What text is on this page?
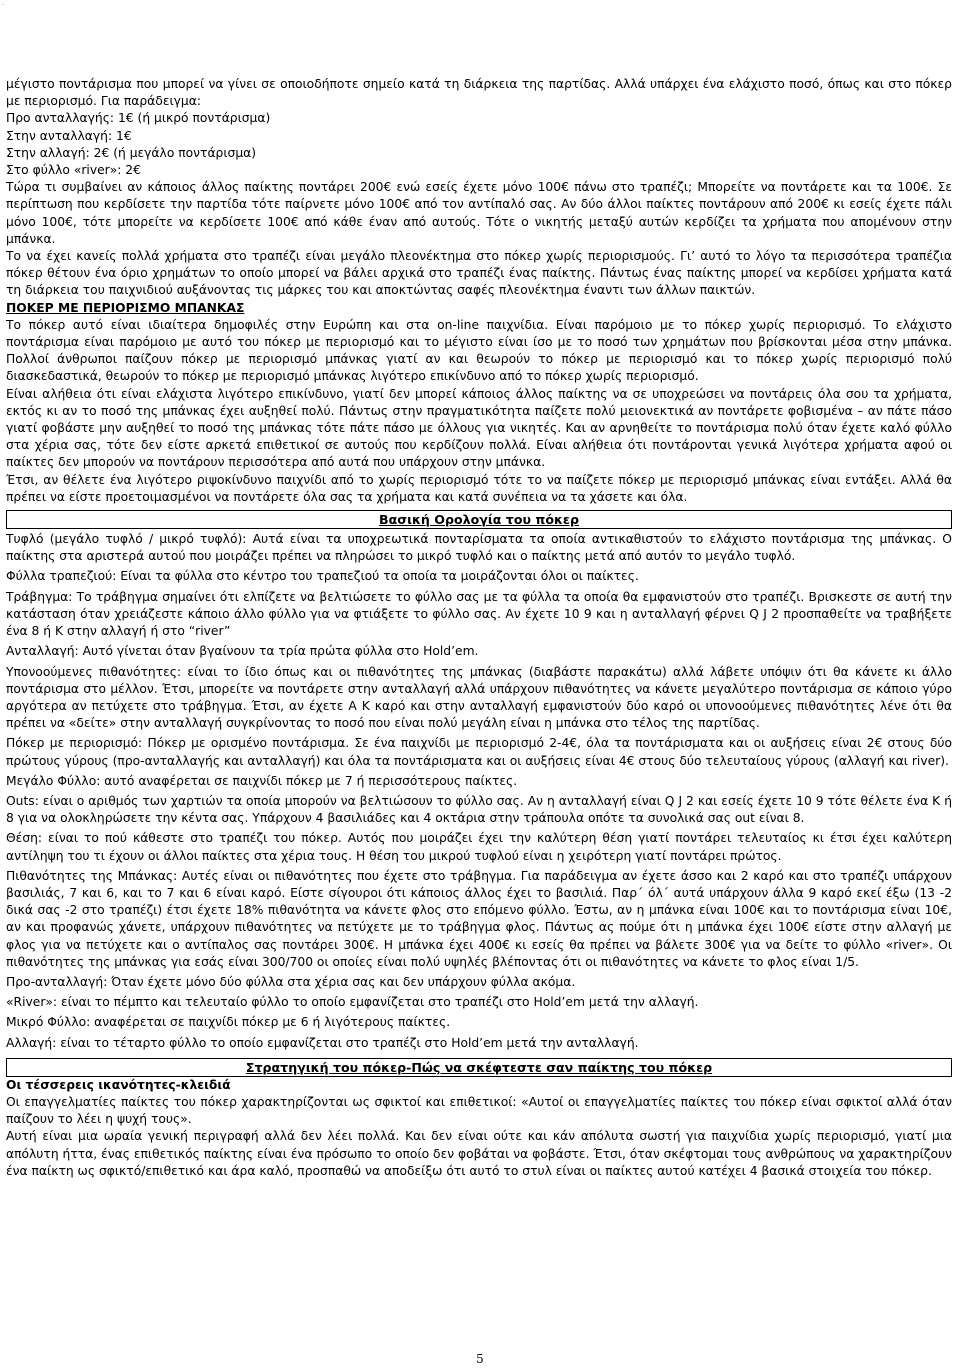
.

μέγιστο ποντάρισμα που μπορεί να γίνει σε οποιοδήποτε σημείο κατά τη διάρκεια της παρτίδας. Αλλά υπάρχει ένα ελάχιστο ποσό, όπως και στο πόκερ με περιορισμό. Για παράδειγμα:

Προ ανταλλαγής: 1€ (ή μικρό ποντάρισμα)

Στην ανταλλαγή: 1€

Στην αλλαγή: 2€ (ή μεγάλο ποντάρισμα)

Στο φύλλο «river»: 2€

Τώρα τι συμβαίνει αν κάποιος άλλος παίκτης ποντάρει 200€ ενώ εσείς έχετε μόνο 100€ πάνω στο τραπέζι; Μπορείτε να ποντάρετε και τα 100€. Σε περίπτωση που κερδίσετε την παρτίδα τότε παίρνετε μόνο 100€ από τον αντίπαλό σας. Αν δύο άλλοι παίκτες ποντάρουν από 200€ κι εσείς έχετε πάλι μόνο 100€, τότε μπορείτε να κερδίσετε 100€ από κάθε έναν από αυτούς. Τότε ο νικητής μεταξύ αυτών κερδίζει τα χρήματα που απομένουν στην μπάνκα.

Το να έχει κανείς πολλά χρήματα στο τραπέζι είναι μεγάλο πλεονέκτημα στο πόκερ χωρίς περιορισμούς. Γι’ αυτό το λόγο τα περισσότερα τραπέζια πόκερ θέτουν ένα όριο χρημάτων το οποίο μπορεί να βάλει αρχικά στο τραπέζι ένας παίκτης. Πάντως ένας παίκτης μπορεί να κερδίσει χρήματα κατά τη διάρκεια του παιχνιδιού αυξάνοντας τις μάρκες του και αποκτώντας σαφές πλεονέκτημα έναντι των άλλων παικτών.

ΠΟΚΕΡ ΜΕ ΠΕΡΙΟΡΙΣΜΟ ΜΠΑΝΚΑΣ

Το πόκερ αυτό είναι ιδιαίτερα δημοφιλές στην Ευρώπη και στα on-line παιχνίδια. Είναι παρόμοιο με το πόκερ χωρίς περιορισμό. Το ελάχιστο ποντάρισμα είναι παρόμοιο με αυτό του πόκερ με περιορισμό και το μέγιστο είναι ίσο με το ποσό των χρημάτων που βρίσκονται μέσα στην μπάνκα. Πολλοί άνθρωποι παίζουν πόκερ με περιορισμό μπάνκας γιατί αν και θεωρούν το πόκερ με περιορισμό και το πόκερ χωρίς περιορισμό πολύ διασκεδαστικά, θεωρούν το πόκερ με περιορισμό μπάνκας λιγότερο επικίνδυνο από το πόκερ χωρίς περιορισμό.

Είναι αλήθεια ότι είναι ελάχιστα λιγότερο επικίνδυνο, γιατί δεν μπορεί κάποιος άλλος παίκτης να σε υποχρεώσει να ποντάρεις όλα σου τα χρήματα, εκτός κι αν το ποσό της μπάνκας έχει αυξηθεί πολύ. Πάντως στην πραγματικότητα παίζετε πολύ μειονεκτικά αν ποντάρετε φοβισμένα – αν πάτε πάσο γιατί φοβάστε μην αυξηθεί το ποσό της μπάνκας τότε πάτε πάσο με όλλους για νικητές. Και αν αρνηθείτε το ποντάρισμα πολύ όταν έχετε καλό φύλλο στα χέρια σας, τότε δεν είστε αρκετά επιθετικοί σε αυτούς που κερδίζουν πολλά. Είναι αλήθεια ότι ποντάρονται γενικά λιγότερα χρήματα αφού οι παίκτες δεν μπορούν να ποντάρουν περισσότερα από αυτά που υπάρχουν στην μπάνκα.

Έτσι, αν θέλετε ένα λιγότερο ριψοκίνδυνο παιχνίδι από το χωρίς περιορισμό τότε το να παίζετε πόκερ με περιορισμό μπάνκας είναι εντάξει. Αλλά θα πρέπει να είστε προετοιμασμένοι να ποντάρετε όλα σας τα χρήματα και κατά συνέπεια να τα χάσετε και όλα.

Βασική Ορολογία του πόκερ

Τυφλό (μεγάλο τυφλό / μικρό τυφλό): Αυτά είναι τα υποχρεωτικά πονταρίσματα τα οποία αντικαθιστούν το ελάχιστο ποντάρισμα της μπάνκας. Ο παίκτης στα αριστερά αυτού που μοιράζει πρέπει να πληρώσει το μικρό τυφλό και ο παίκτης μετά από αυτόν το μεγάλο τυφλό.

Φύλλα τραπεζιού: Είναι τα φύλλα στο κέντρο του τραπεζιού τα οποία τα μοιράζονται όλοι οι παίκτες.

Τράβηγμα: Το τράβηγμα σημαίνει ότι ελπίζετε να βελτιώσετε το φύλλο σας με τα φύλλα τα οποία θα εμφανιστούν στο τραπέζι. Βρισκεστε σε αυτή την κατάσταση όταν χρειάζεστε κάποιο άλλο φύλλο για να φτιάξετε το φύλλο σας. Αν έχετε 10 9 και η ανταλλαγή φέρνει Q J 2 προσπαθείτε να τραβήξετε ένα 8 ή K στην αλλαγή ή στο “river”

Ανταλλαγή: Αυτό γίνεται όταν βγαίνουν τα τρία πρώτα φύλλα στο Hold’em.

Υπονοούμενες πιθανότητες: είναι το ίδιο όπως και οι πιθανότητες της μπάνκας (διαβάστε παρακάτω) αλλά λάβετε υπόψιν ότι θα κάνετε κι άλλο ποντάρισμα στο μέλλον. Έτσι, μπορείτε να ποντάρετε στην ανταλλαγή αλλά υπάρχουν πιθανότητες να κάνετε μεγαλύτερο ποντάρισμα σε κάποιο γύρο αργότερα αν πετύχετε στο τράβηγμα. Έτσι, αν έχετε A K καρό και στην ανταλλαγή εμφανιστούν δύο καρό οι υπονοούμενες πιθανότητες λένε ότι θα πρέπει να «δείτε» στην ανταλλαγή συγκρίνοντας το ποσό που είναι πολύ μεγάλη είναι η μπάνκα στο τέλος της παρτίδας.

Πόκερ με περιορισμό: Πόκερ με ορισμένο ποντάρισμα. Σε ένα παιχνίδι με περιορισμό 2-4€, όλα τα ποντάρισματα και οι αυξήσεις είναι 2€ στους δύο πρώτους γύρους (προ-ανταλλαγής και ανταλλαγή) και όλα τα ποντάρισματα και οι αυξήσεις είναι 4€ στους δύο τελευταίους γύρους (αλλαγή και river).

Μεγάλο Φύλλο: αυτό αναφέρεται σε παιχνίδι πόκερ με 7 ή περισσότερους παίκτες.

Outs: είναι ο αριθμός των χαρτιών τα οποία μπορούν να βελτιώσουν το φύλλο σας. Αν η ανταλλαγή είναι Q J 2 και εσείς έχετε 10 9 τότε θέλετε ένα K ή 8 για να ολοκληρώσετε την κέντα σας. Υπάρχουν 4 βασιλιάδες και 4 οκτάρια στην τράπουλα οπότε τα συνολικά σας out είναι 8.

Θέση: είναι το πού κάθεστε στο τραπέζι του πόκερ. Αυτός που μοιράζει έχει την καλύτερη θέση γιατί ποντάρει τελευταίος κι έτσι έχει καλύτερη αντίληψη του τι έχουν οι άλλοι παίκτες στα χέρια τους. Η θέση του μικρού τυφλού είναι η χειρότερη γιατί ποντάρει πρώτος.

Πιθανότητες της Μπάνκας: Αυτές είναι οι πιθανότητες που έχετε στο τράβηγμα. Για παράδειγμα αν έχετε άσσο και 2 καρό και στο τραπέζι υπάρχουν βασιλιάς, 7 και 6, και το 7 και 6 είναι καρό. Είστε σίγουροι ότι κάποιος άλλος έχει το βασιλιά. Παρ΄ όλ΄ αυτά υπάρχουν άλλα 9 καρό εκεί έξω (13 -2 δικά σας -2 στο τραπέζι) έτσι έχετε 18% πιθανότητα να κάνετε φλος στο επόμενο φύλλο. Έστω, αν η μπάνκα είναι 100€ και το ποντάρισμα είναι 10€, αν και προφανώς χάνετε, υπάρχουν πιθανότητες να πετύχετε με το τράβηγμα φλος. Πάντως ας πούμε ότι η μπάνκα έχει 100€ είστε στην αλλαγή με φλος για να πετύχετε και ο αντίπαλος σας ποντάρει 300€. Η μπάνκα έχει 400€ κι εσείς θα πρέπει να βάλετε 300€ για να δείτε το φύλλο «river». Οι πιθανότητες της μπάνκας για εσάς είναι 300/700 οι οποίες είναι πολύ υψηλές βλέποντας ότι οι πιθανότητες να κάνετε το φλος είναι 1/5.

Προ-ανταλλαγή: Όταν έχετε μόνο δύο φύλλα στα χέρια σας και δεν υπάρχουν φύλλα ακόμα.

«River»: είναι το πέμπτο και τελευταίο φύλλο το οποίο εμφανίζεται στο τραπέζι στο Hold’em μετά την αλλαγή.

Μικρό Φύλλο: αναφέρεται σε παιχνίδι πόκερ με 6 ή λιγότερους παίκτες.

Αλλαγή: είναι το τέταρτο φύλλο το οποίο εμφανίζεται στο τραπέζι στο Hold’em μετά την ανταλλαγή.

Στρατηγική του πόκερ-Πώς να σκέφτεστε σαν παίκτης του πόκερ

Οι τέσσερεις ικανότητες-κλειδιά

Οι επαγγελματίες παίκτες του πόκερ χαρακτηρίζονται ως σφικτοί και επιθετικοί: «Αυτοί οι επαγγελματίες παίκτες του πόκερ είναι σφικτοί αλλά όταν παίζουν το λέει η ψυχή τους».

Αυτή είναι μια ωραία γενική περιγραφή αλλά δεν λέει πολλά. Και δεν είναι ούτε και κάν απόλυτα σωστή για παιχνίδια χωρίς περιορισμό, γιατί μια απόλυτη ήττα, ένας επιθετικός παίκτης είναι ένα πρόσωπο το οποίο δεν φοβάται να φοβάστε. Έτσι, όταν σκέφτομαι τους ανθρώπους να χαρακτηρίζουν ένα παίκτη ως σφικτό/επιθετικό και άρα καλό, προσπαθώ να αποδείξω ότι αυτό το στυλ είναι οι παίκτες αυτού κατέχει 4 βασικά στοιχεία του πόκερ.

5
